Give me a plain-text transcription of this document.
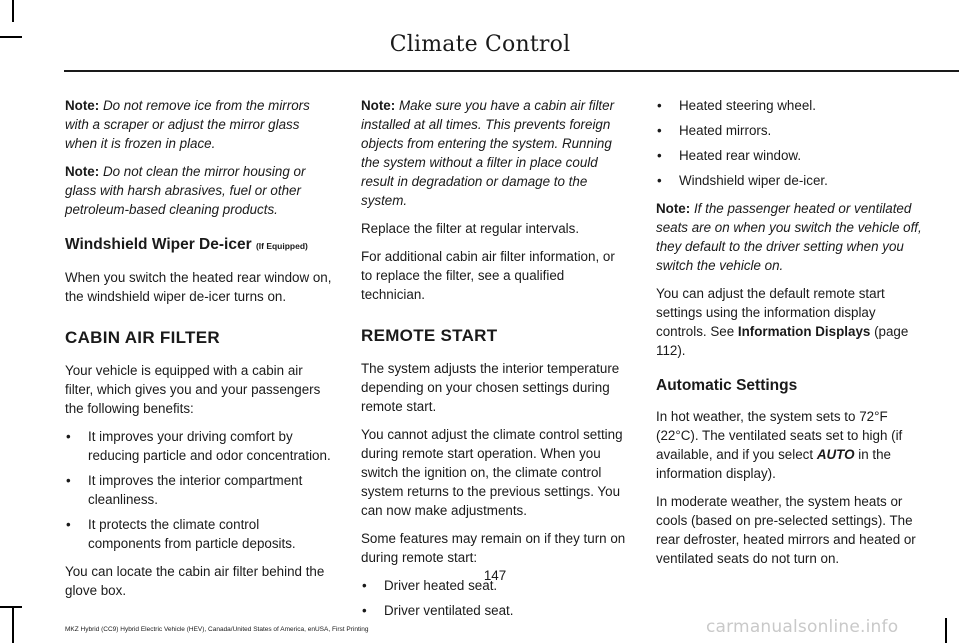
Climate Control

Note: Do not remove ice from the mirrors with a scraper or adjust the mirror glass when it is frozen in place.

Note: Do not clean the mirror housing or glass with harsh abrasives, fuel or other petroleum-based cleaning products.

Windshield Wiper De-icer (If Equipped)

When you switch the heated rear window on, the windshield wiper de-icer turns on.

CABIN AIR FILTER

Your vehicle is equipped with a cabin air filter, which gives you and your passengers the following benefits:

• It improves your driving comfort by reducing particle and odor concentration.
• It improves the interior compartment cleanliness.
• It protects the climate control components from particle deposits.

You can locate the cabin air filter behind the glove box.

Note: Make sure you have a cabin air filter installed at all times. This prevents foreign objects from entering the system. Running the system without a filter in place could result in degradation or damage to the system.

Replace the filter at regular intervals.

For additional cabin air filter information, or to replace the filter, see a qualified technician.

REMOTE START

The system adjusts the interior temperature depending on your chosen settings during remote start.

You cannot adjust the climate control setting during remote start operation. When you switch the ignition on, the climate control system returns to the previous settings. You can now make adjustments.

Some features may remain on if they turn on during remote start:

• Driver heated seat.
• Driver ventilated seat.
• Heated steering wheel.
• Heated mirrors.
• Heated rear window.
• Windshield wiper de-icer.

Note: If the passenger heated or ventilated seats are on when you switch the vehicle off, they default to the driver setting when you switch the vehicle on.

You can adjust the default remote start settings using the information display controls. See Information Displays (page 112).

Automatic Settings

In hot weather, the system sets to 72°F (22°C). The ventilated seats set to high (if available, and if you select AUTO in the information display).

In moderate weather, the system heats or cools (based on pre-selected settings). The rear defroster, heated mirrors and heated or ventilated seats do not turn on.

147
MKZ Hybrid (CC9) Hybrid Electric Vehicle (HEV), Canada/United States of America, enUSA, First Printing	carmanualsonline.info
